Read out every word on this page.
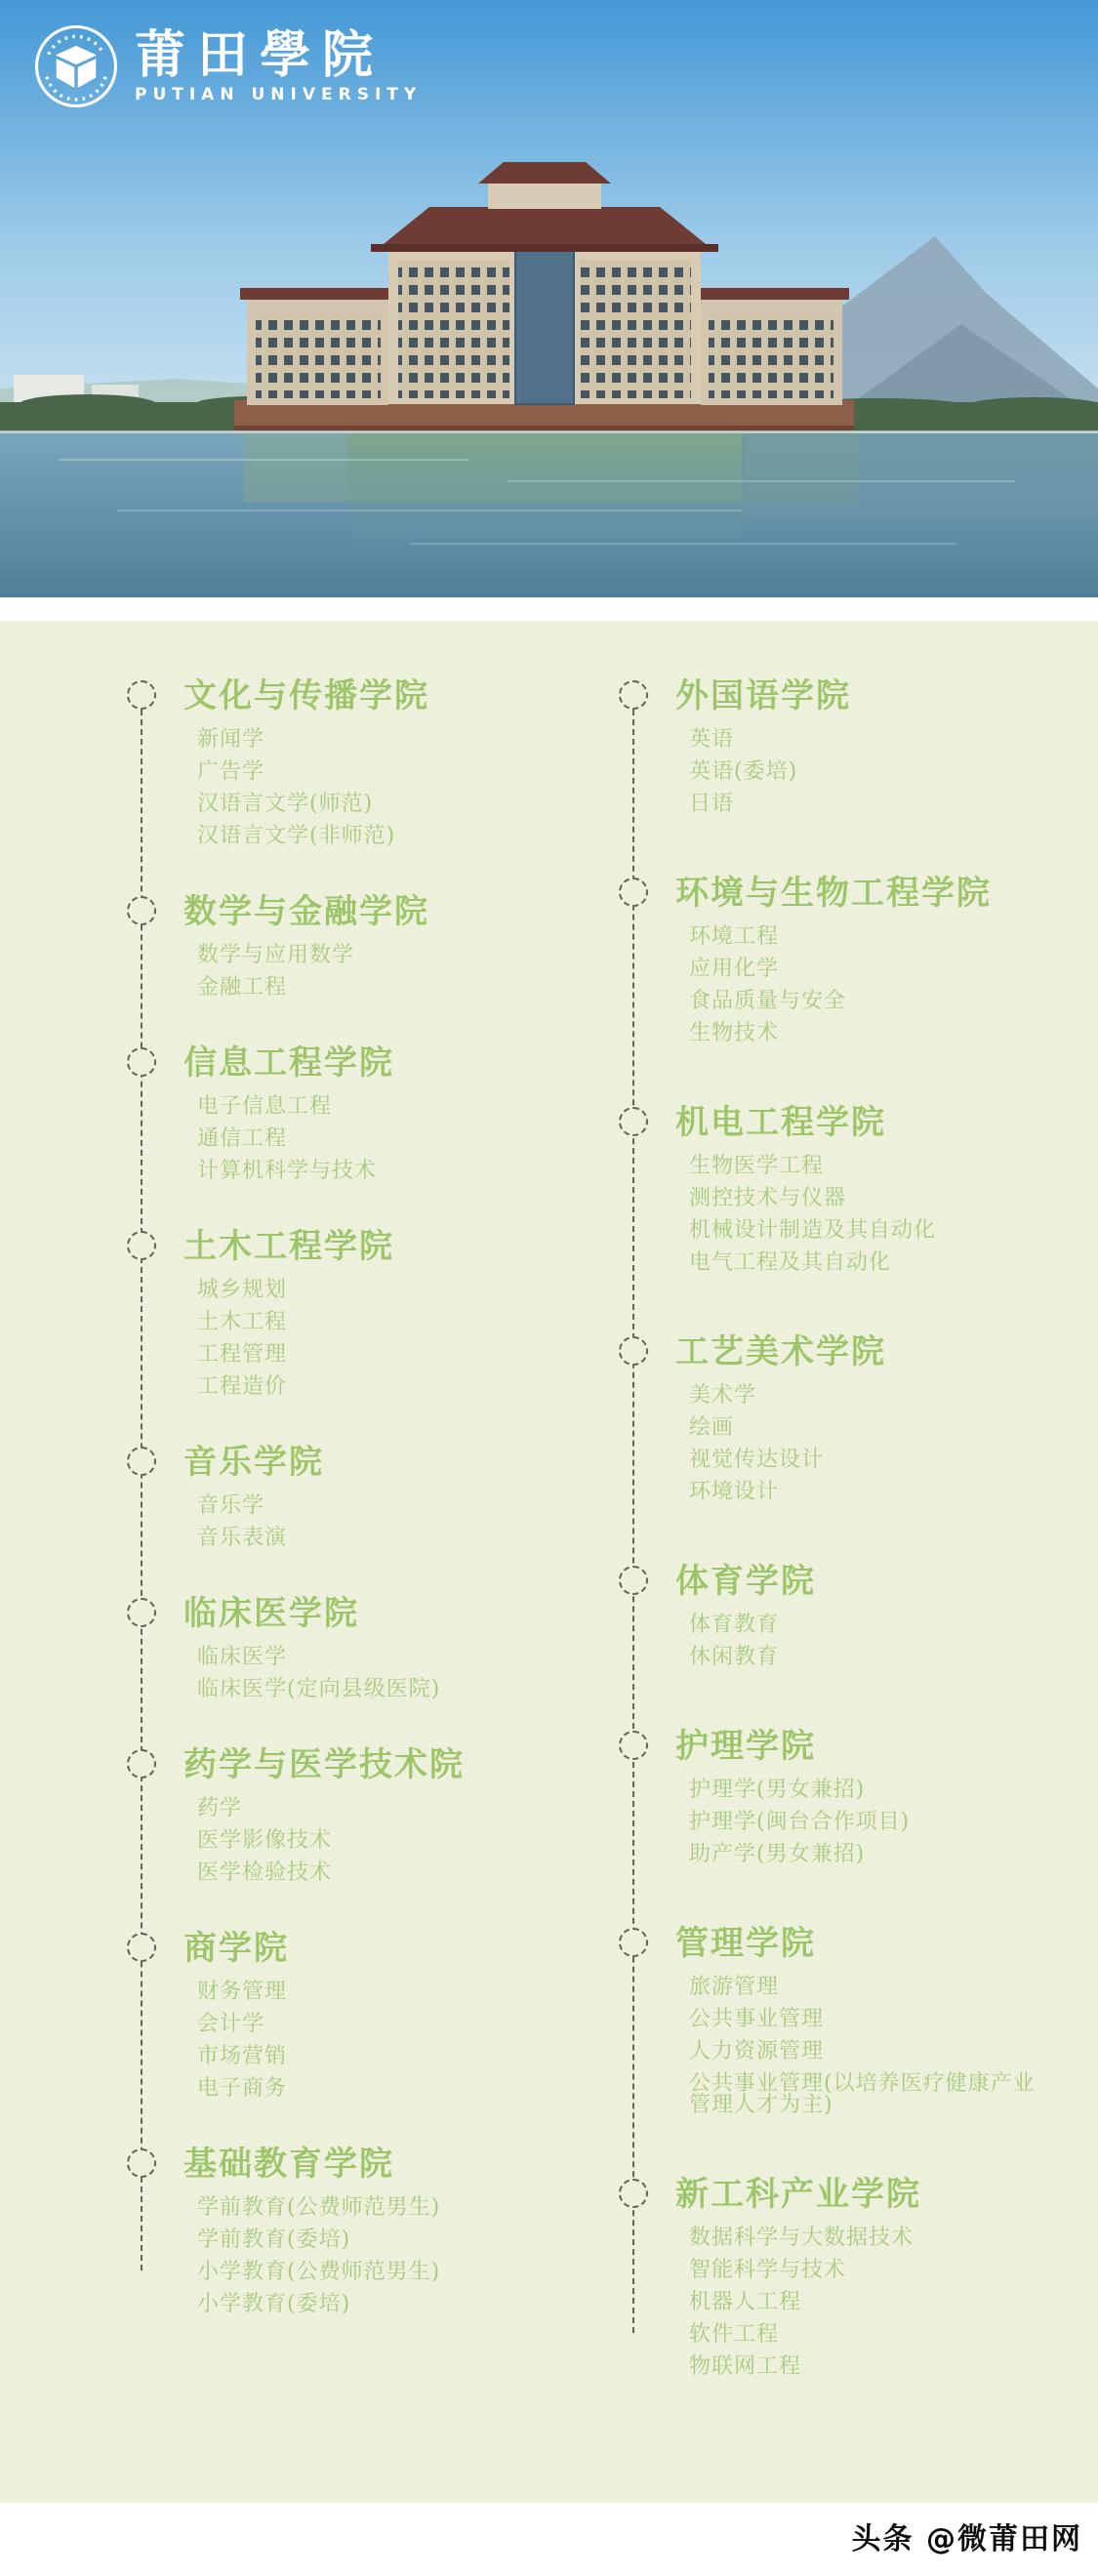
莆田學院
PUTIAN UNIVERSITY
文化与传播学院
新闻学
广告学
汉语言文学(师范)
汉语言文学(非师范)
数学与金融学院
数学与应用数学
金融工程
信息工程学院
电子信息工程
通信工程
计算机科学与技术
土木工程学院
城乡规划
土木工程
工程管理
工程造价
音乐学院
音乐学
音乐表演
临床医学院
临床医学
临床医学(定向县级医院)
药学与医学技术院
药学
医学影像技术
医学检验技术
商学院
财务管理
会计学
市场营销
电子商务
基础教育学院
学前教育(公费师范男生)
学前教育(委培)
小学教育(公费师范男生)
小学教育(委培)
外国语学院
英语
英语(委培)
日语
环境与生物工程学院
环境工程
应用化学
食品质量与安全
生物技术
机电工程学院
生物医学工程
测控技术与仪器
机械设计制造及其自动化
电气工程及其自动化
工艺美术学院
美术学
绘画
视觉传达设计
环境设计
体育学院
体育教育
休闲教育
护理学院
护理学(男女兼招)
护理学(闽台合作项目)
助产学(男女兼招)
管理学院
旅游管理
公共事业管理
人力资源管理
公共事业管理(以培养医疗健康产业管理人才为主)
新工科产业学院
数据科学与大数据技术
智能科学与技术
机器人工程
软件工程
物联网工程
头条 @微莆田网
